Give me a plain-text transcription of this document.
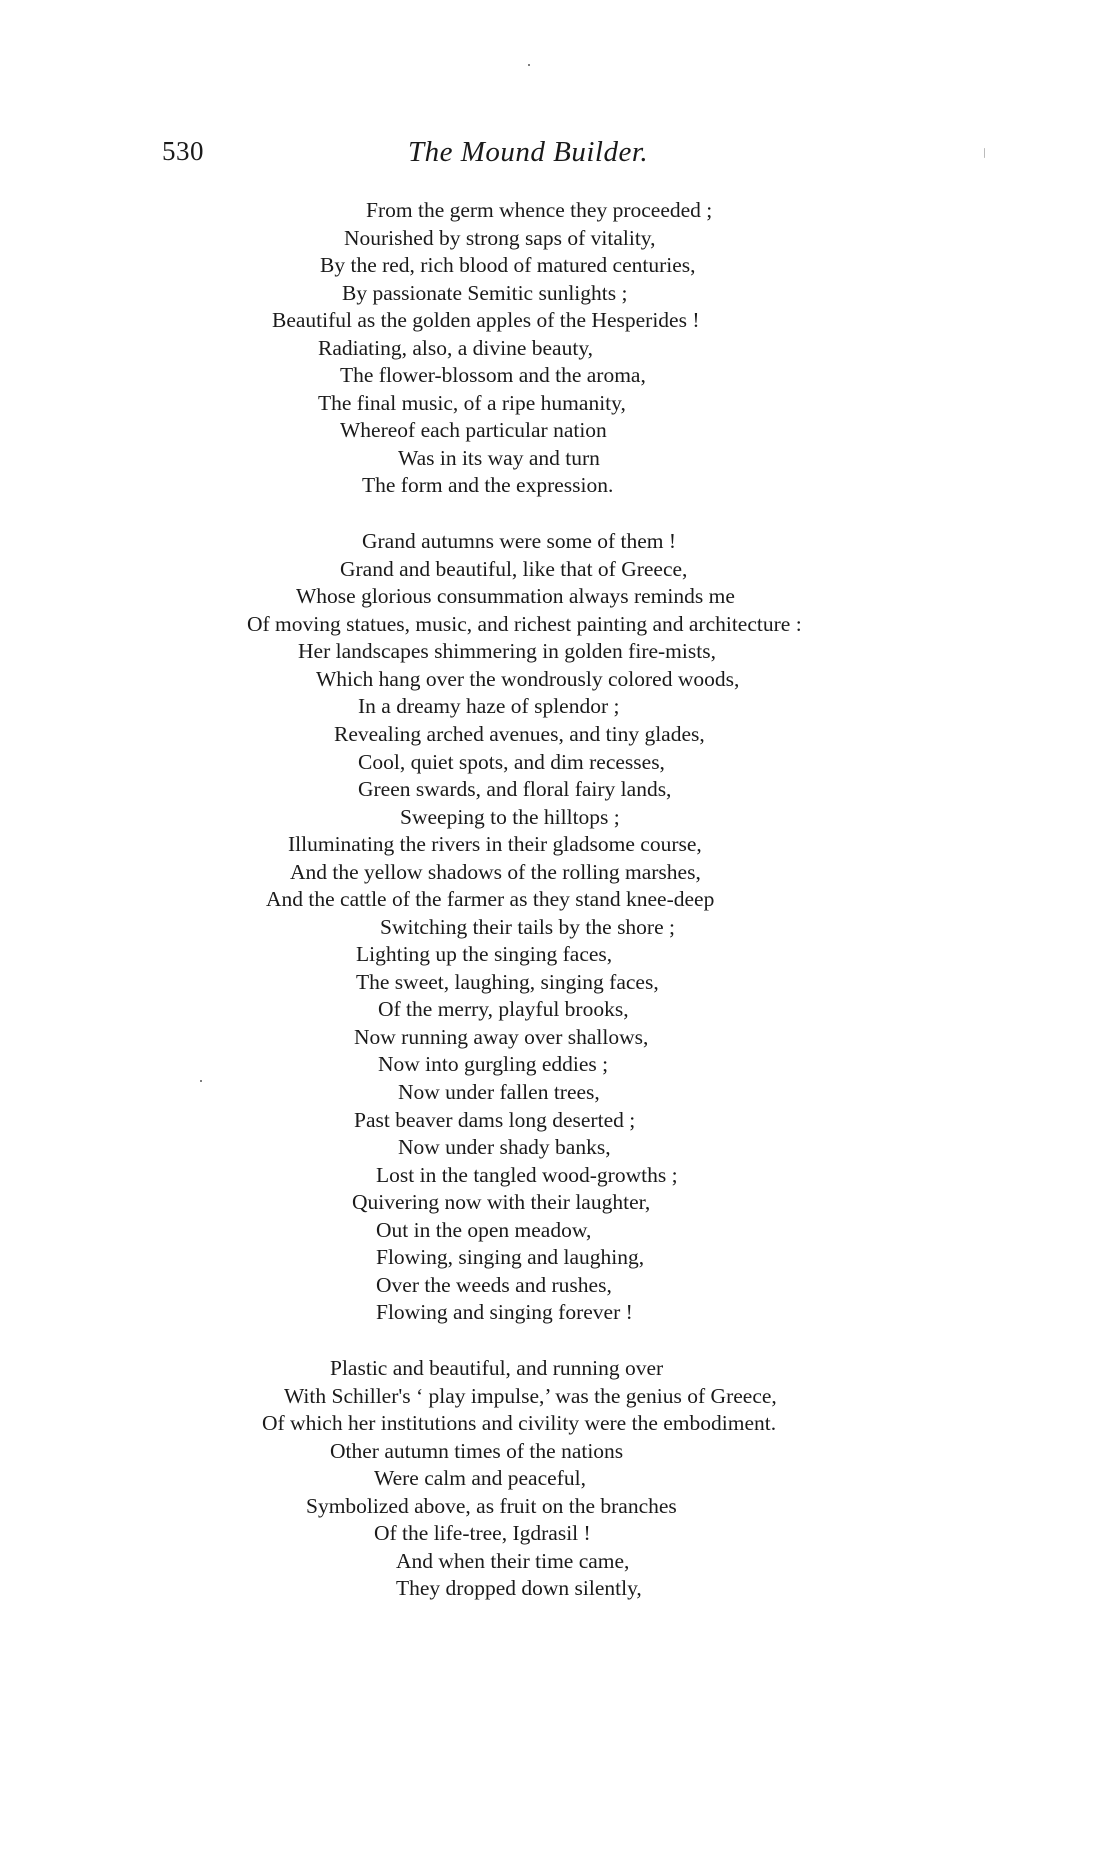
530	The Mound Builder.
From the germ whence they proceeded ;
Nourished by strong saps of vitality,
By the red, rich blood of matured centuries,
By passionate Semitic sunlights ;
Beautiful as the golden apples of the Hesperides !
Radiating, also, a divine beauty,
The flower-blossom and the aroma,
The final music, of a ripe humanity,
Whereof each particular nation
Was in its way and turn
The form and the expression.
Grand autumns were some of them !
Grand and beautiful, like that of Greece,
Whose glorious consummation always reminds me
Of moving statues, music, and richest painting and architecture :
Her landscapes shimmering in golden fire-mists,
Which hang over the wondrously colored woods,
In a dreamy haze of splendor ;
Revealing arched avenues, and tiny glades,
Cool, quiet spots, and dim recesses,
Green swards, and floral fairy lands,
Sweeping to the hilltops ;
Illuminating the rivers in their gladsome course,
And the yellow shadows of the rolling marshes,
And the cattle of the farmer as they stand knee-deep
Switching their tails by the shore ;
Lighting up the singing faces,
The sweet, laughing, singing faces,
Of the merry, playful brooks,
Now running away over shallows,
Now into gurgling eddies ;
Now under fallen trees,
Past beaver dams long deserted ;
Now under shady banks,
Lost in the tangled wood-growths ;
Quivering now with their laughter,
Out in the open meadow,
Flowing, singing and laughing,
Over the weeds and rushes,
Flowing and singing forever !
Plastic and beautiful, and running over
With Schiller's ‘ play impulse,’ was the genius of Greece,
Of which her institutions and civility were the embodiment.
Other autumn times of the nations
Were calm and peaceful,
Symbolized above, as fruit on the branches
Of the life-tree, Igdrasil !
And when their time came,
They dropped down silently,
